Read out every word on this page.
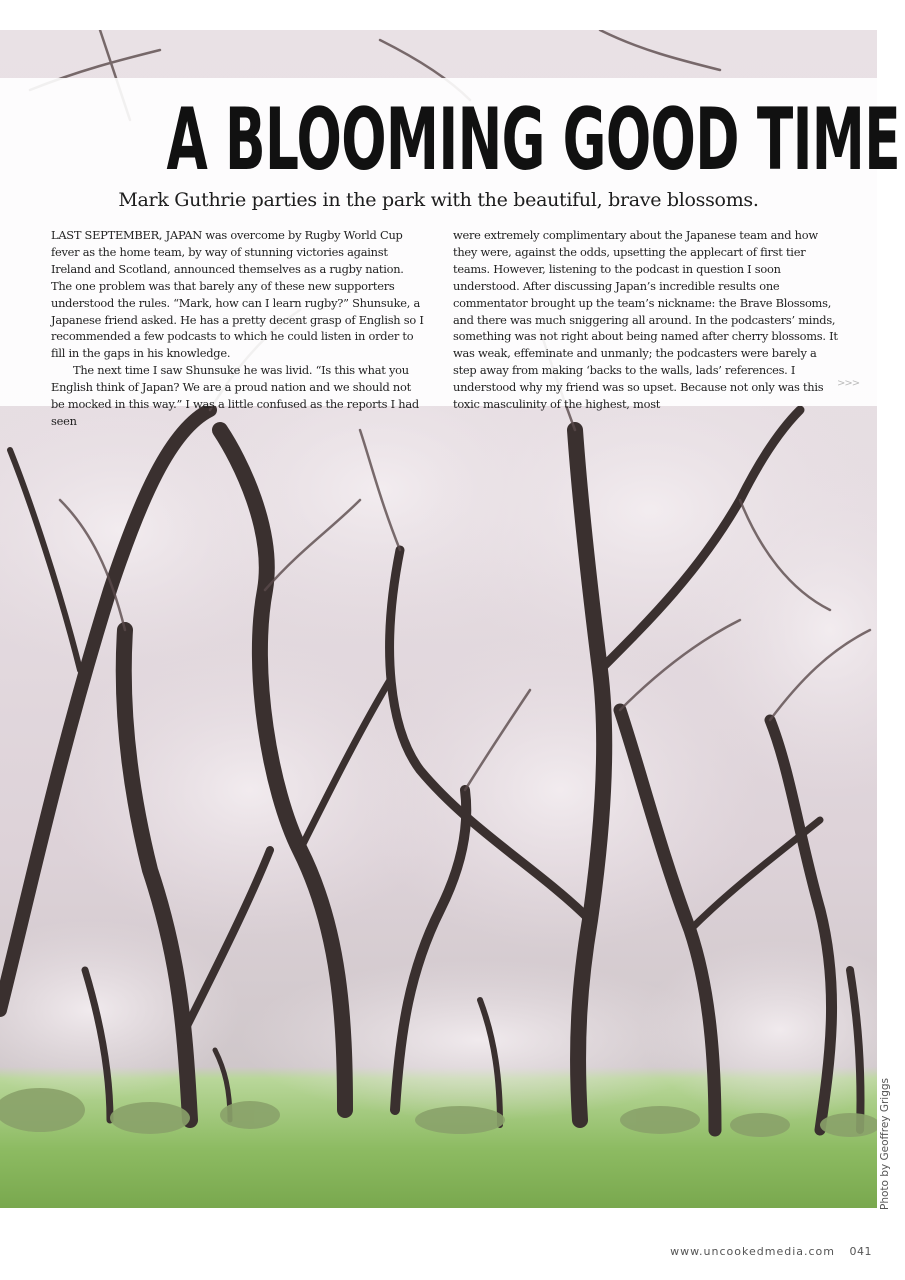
A BLOOMING GOOD TIME
Mark Guthrie parties in the park with the beautiful, brave blossoms.

LAST SEPTEMBER, JAPAN was overcome by Rugby World Cup fever as the home team, by way of stunning victories against Ireland and Scotland, announced themselves as a rugby nation. The one problem was that barely any of these new supporters understood the rules. “Mark, how can I learn rugby?” Shunsuke, a Japanese friend asked. He has a pretty decent grasp of English so I recommended a few podcasts to which he could listen in order to fill in the gaps in his knowledge.

The next time I saw Shunsuke he was livid. “Is this what you English think of Japan? We are a proud nation and we should not be mocked in this way.” I was a little confused as the reports I had seen

were extremely complimentary about the Japanese team and how they were, against the odds, upsetting the applecart of first tier teams. However, listening to the podcast in question I soon understood. After discussing Japan’s incredible results one commentator brought up the team’s nickname: the Brave Blossoms, and there was much sniggering all around. In the podcasters’ minds, something was not right about being named after cherry blossoms. It was weak, effeminate and unmanly; the podcasters were barely a step away from making ‘backs to the walls, lads’ references. I understood why my friend was so upset. Because not only was this toxic masculinity of the highest, most

>>>
Photo by Geoffrey Griggs
www.uncookedmedia.com 041
